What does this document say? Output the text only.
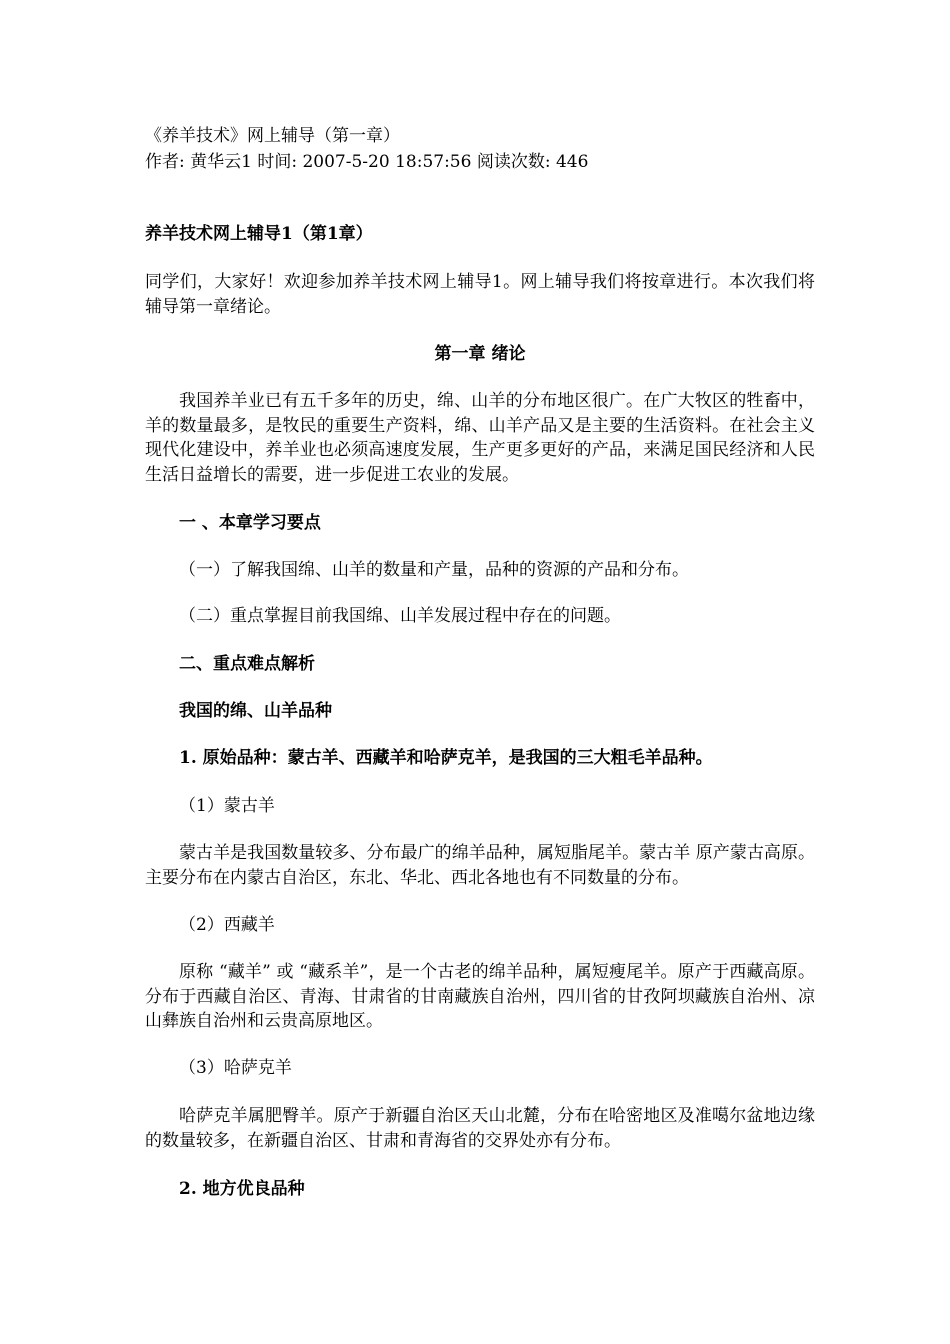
《养羊技术》网上辅导（第一章）
作者: 黄华云1 时间: 2007-5-20 18:57:56 阅读次数: 446
养羊技术网上辅导1（第1章）
同学们，大家好！欢迎参加养羊技术网上辅导1。网上辅导我们将按章进行。本次我们将辅导第一章绪论。
第一章 绪论
我国养羊业已有五千多年的历史，绵、山羊的分布地区很广。在广大牧区的牲畜中，羊的数量最多，是牧民的重要生产资料，绵、山羊产品又是主要的生活资料。在社会主义现代化建设中，养羊业也必须高速度发展，生产更多更好的产品，来满足国民经济和人民生活日益增长的需要，进一步促进工农业的发展。
一 、本章学习要点
（一）了解我国绵、山羊的数量和产量，品种的资源的产品和分布。
（二）重点掌握目前我国绵、山羊发展过程中存在的问题。
二、重点难点解析
我国的绵、山羊品种
1. 原始品种：蒙古羊、西藏羊和哈萨克羊，是我国的三大粗毛羊品种。
（1）蒙古羊
蒙古羊是我国数量较多、分布最广的绵羊品种，属短脂尾羊。蒙古羊 原产蒙古高原。主要分布在内蒙古自治区，东北、华北、西北各地也有不同数量的分布。
（2）西藏羊
原称 “藏羊” 或 “藏系羊”，是一个古老的绵羊品种，属短瘦尾羊。原产于西藏高原。分布于西藏自治区、青海、甘肃省的甘南藏族自治州，四川省的甘孜阿坝藏族自治州、凉山彝族自治州和云贵高原地区。
（3）哈萨克羊
哈萨克羊属肥臀羊。原产于新疆自治区天山北麓，分布在哈密地区及准噶尔盆地边缘的数量较多，在新疆自治区、甘肃和青海省的交界处亦有分布。
2. 地方优良品种
